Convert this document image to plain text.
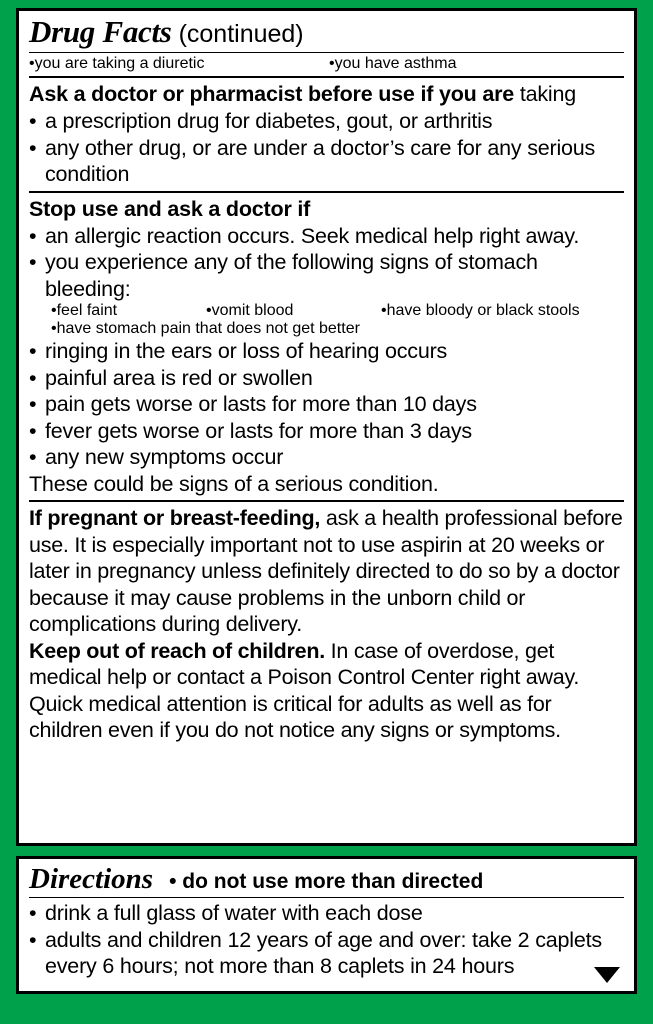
Drug Facts (continued)
• you are taking a diuretic	• you have asthma
Ask a doctor or pharmacist before use if you are taking
• a prescription drug for diabetes, gout, or arthritis
• any other drug, or are under a doctor’s care for any serious condition
Stop use and ask a doctor if
• an allergic reaction occurs. Seek medical help right away.
• you experience any of the following signs of stomach bleeding:
• feel faint	• vomit blood	• have bloody or black stools
• have stomach pain that does not get better
• ringing in the ears or loss of hearing occurs
• painful area is red or swollen
• pain gets worse or lasts for more than 10 days
• fever gets worse or lasts for more than 3 days
• any new symptoms occur
These could be signs of a serious condition.
If pregnant or breast-feeding, ask a health professional before use. It is especially important not to use aspirin at 20 weeks or later in pregnancy unless definitely directed to do so by a doctor because it may cause problems in the unborn child or complications during delivery.
Keep out of reach of children. In case of overdose, get medical help or contact a Poison Control Center right away. Quick medical attention is critical for adults as well as for children even if you do not notice any signs or symptoms.
Directions • do not use more than directed
• drink a full glass of water with each dose
• adults and children 12 years of age and over: take 2 caplets every 6 hours; not more than 8 caplets in 24 hours
